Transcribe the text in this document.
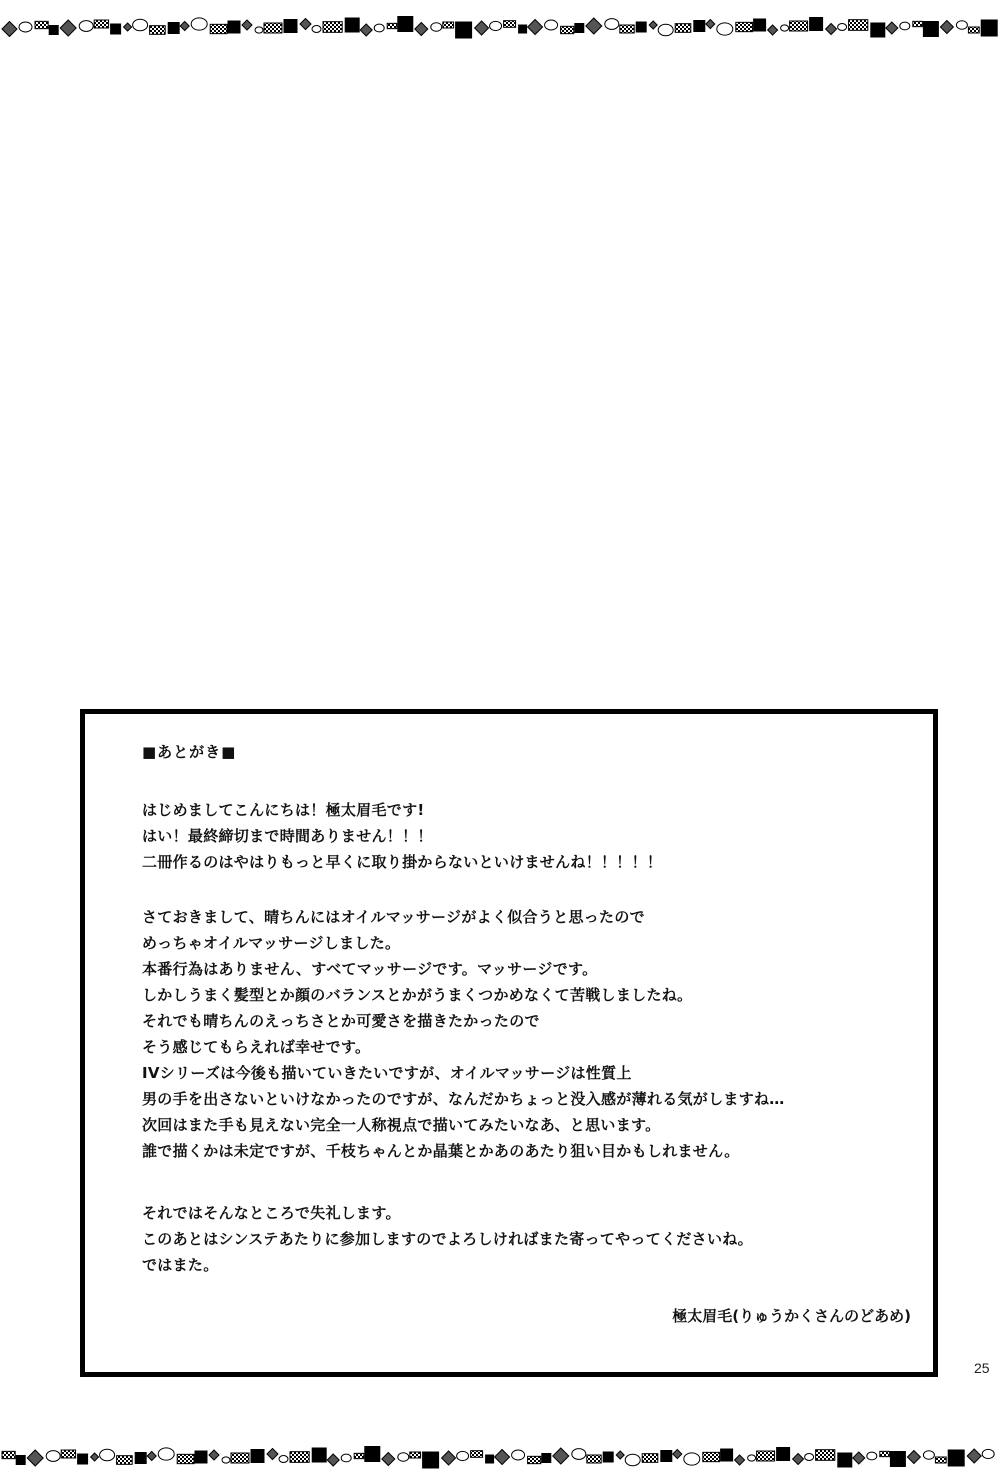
■あとがき■
はじめましてこんにちは！極太眉毛です!
はい！最終締切まで時間ありません！！！
二冊作るのはやはりもっと早くに取り掛からないといけませんね！！！！！
さておきまして、晴ちんにはオイルマッサージがよく似合うと思ったので
めっちゃオイルマッサージしました。
本番行為はありません、すべてマッサージです。マッサージです。
しかしうまく髪型とか顔のバランスとかがうまくつかめなくて苦戦しましたね。
それでも晴ちんのえっちさとか可愛さを描きたかったので
そう感じてもらえれば幸せです。
IVシリーズは今後も描いていきたいですが、オイルマッサージは性質上
男の手を出さないといけなかったのですが、なんだかちょっと没入感が薄れる気がしますね…
次回はまた手も見えない完全一人称視点で描いてみたいなあ、と思います。
誰で描くかは未定ですが、千枝ちゃんとか晶葉とかあのあたり狙い目かもしれません。
それではそんなところで失礼します。
このあとはシンステあたりに参加しますのでよろしければまた寄ってやってくださいね。
ではまた。
極太眉毛(りゅうかくさんのどあめ)
25
